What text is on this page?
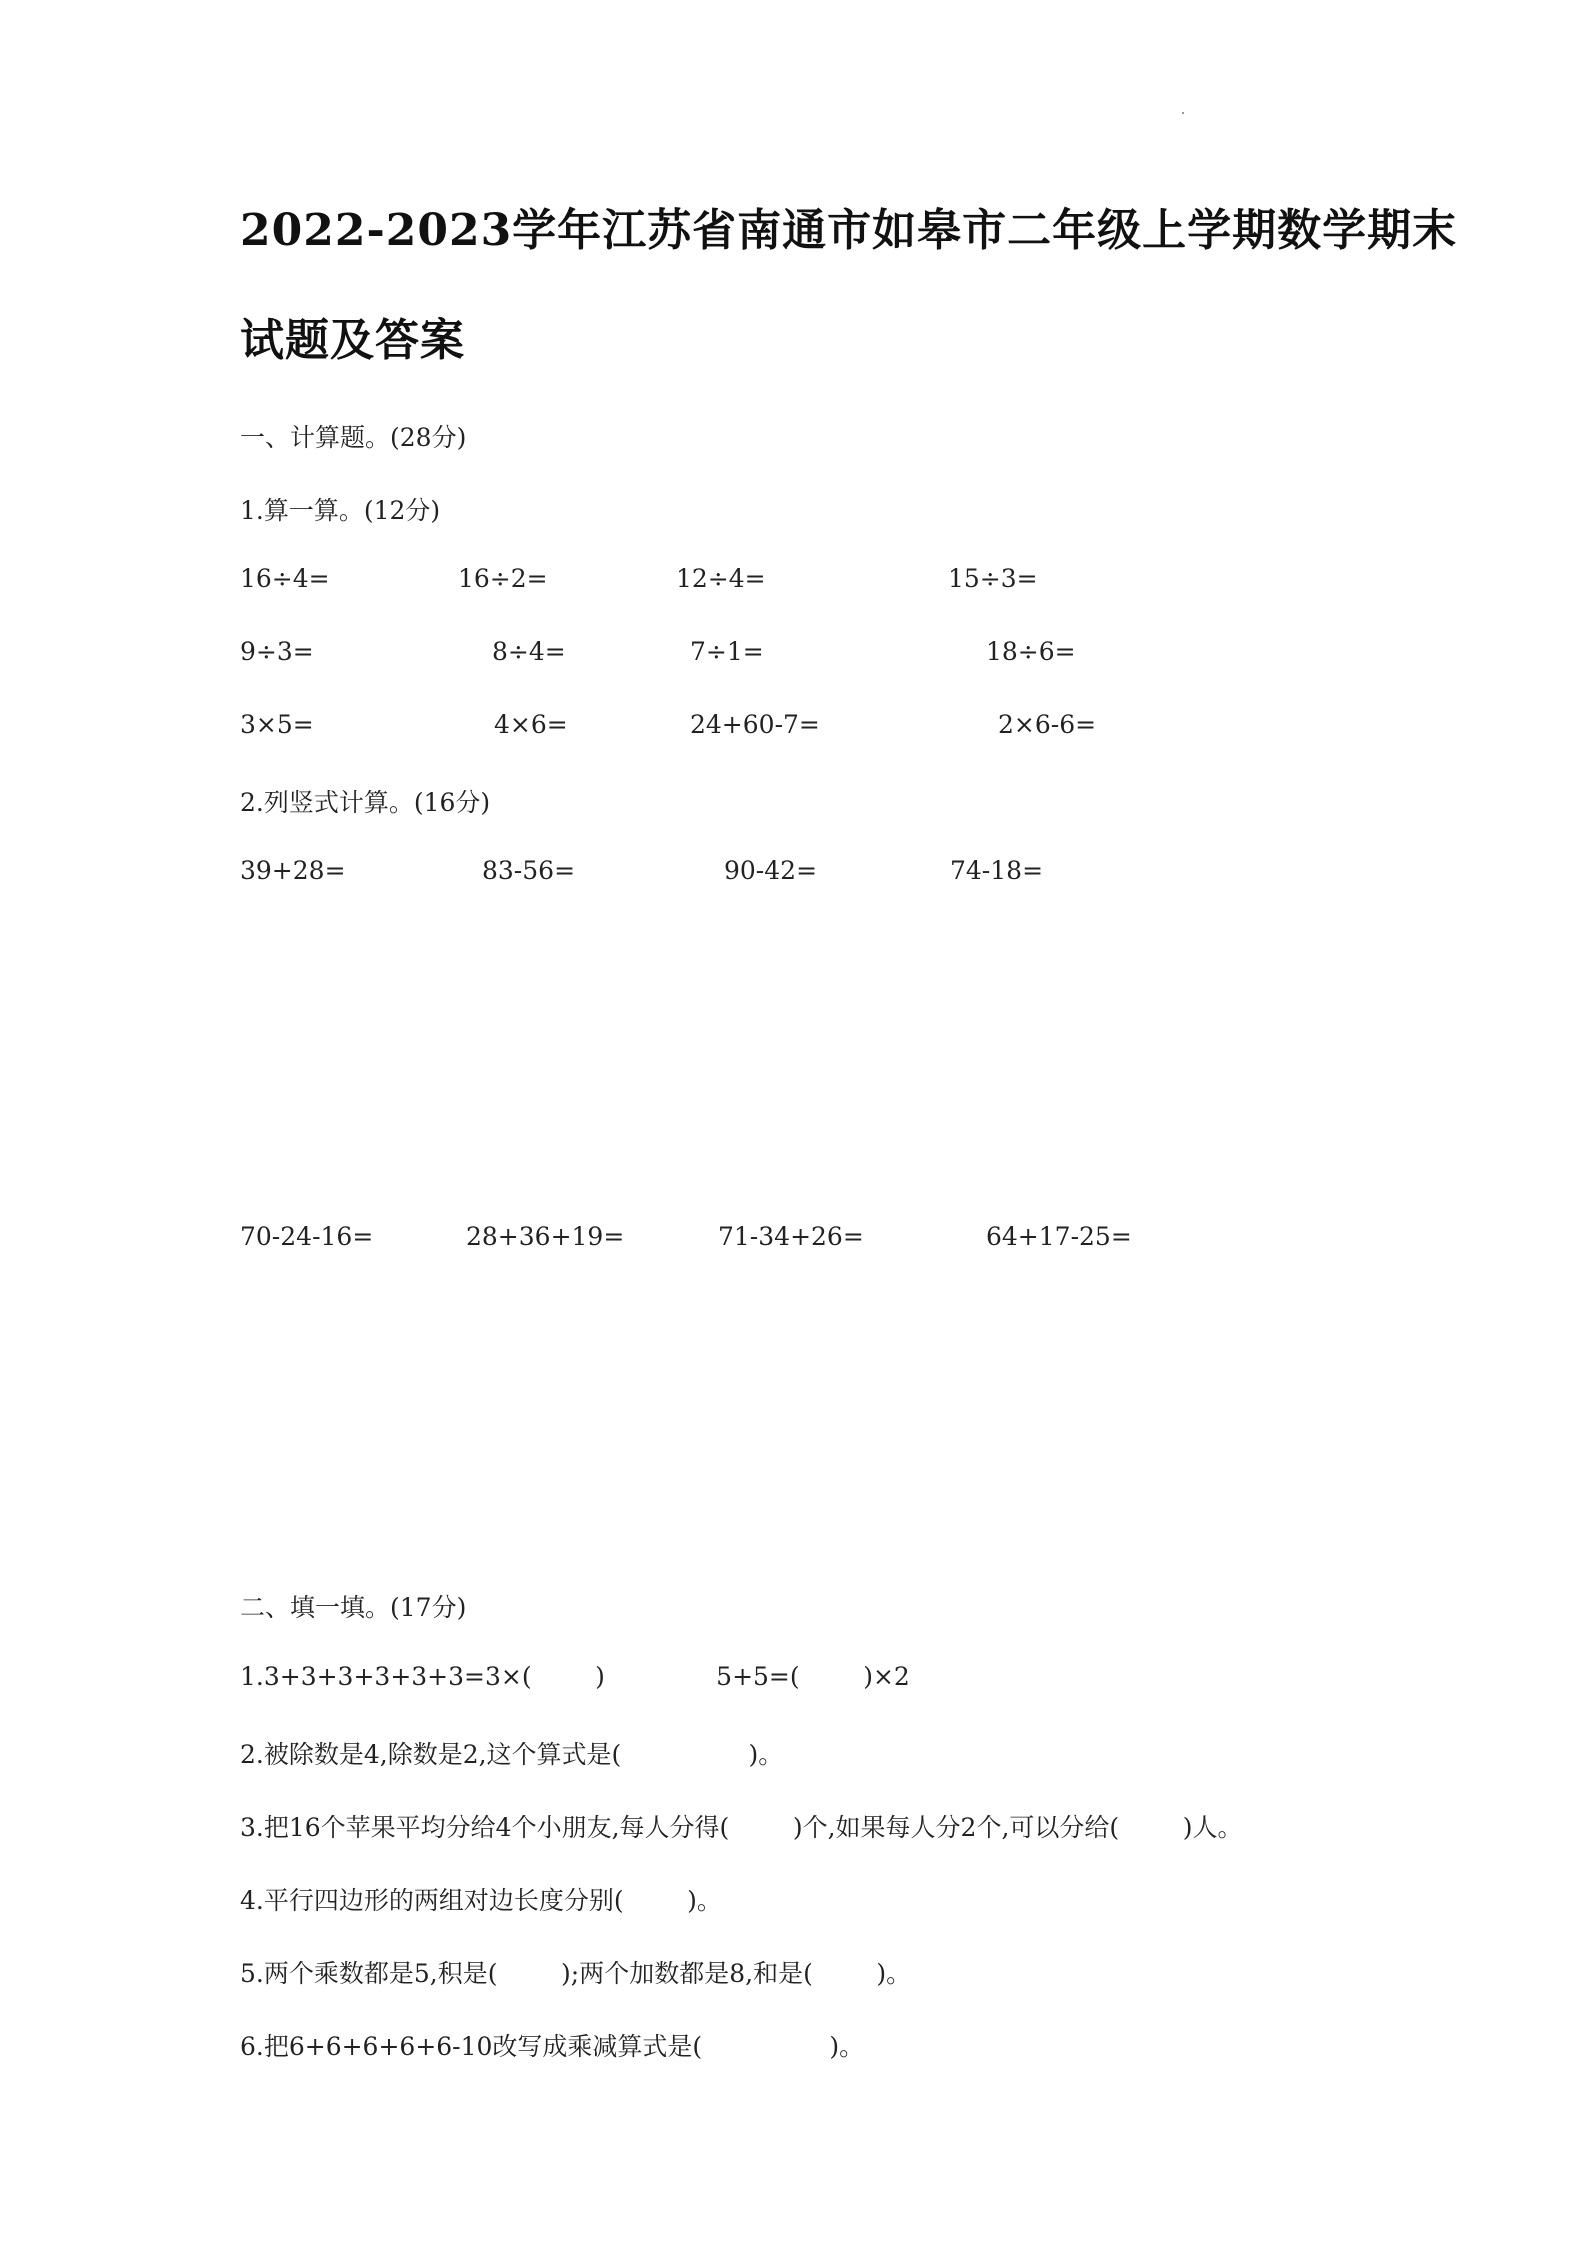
2022-2023学年江苏省南通市如皋市二年级上学期数学期末
试题及答案
一、计算题。(28分)
1.算一算。(12分)
16÷4=	16÷2=	12÷4=	15÷3=
9÷3=	8÷4=	7÷1=	18÷6=
3×5=	4×6=	24+60-7=	2×6-6=
2.列竖式计算。(16分)
39+28=	83-56=	90-42=	74-18=
70-24-16=	28+36+19=	71-34+26=	64+17-25=
二、填一填。(17分)
1.3+3+3+3+3+3=3×(        )              5+5=(        )×2
2.被除数是4,除数是2,这个算式是(                )。
3.把16个苹果平均分给4个小朋友,每人分得(        )个,如果每人分2个,可以分给(        )人。
4.平行四边形的两组对边长度分别(        )。
5.两个乘数都是5,积是(        );两个加数都是8,和是(        )。
6.把6+6+6+6+6-10改写成乘减算式是(                )。
